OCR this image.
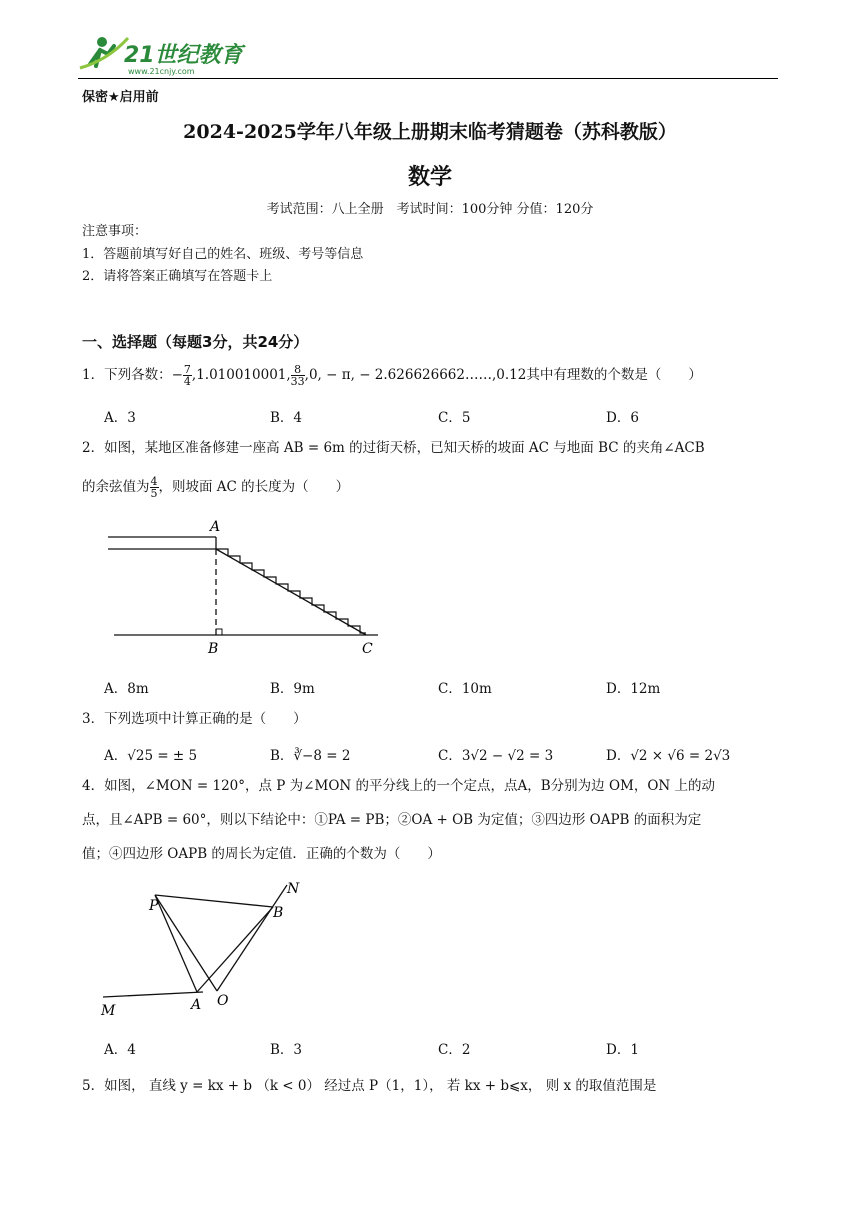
21世纪教育
www.21cnjy.com
保密★启用前
2024-2025学年八年级上册期末临考猜题卷（苏科教版）
数学
考试范围：八上全册　考试时间：100分钟 分值：120分
注意事项：
1．答题前填写好自己的姓名、班级、考号等信息
2．请将答案正确填写在答题卡上
一、选择题（每题3分，共24分）
1．下列各数：− $\frac{7}{4} ,1.010010001$, $\frac{8}{33} ,0$, − π, − 2.626626662……,0.12其中有理数的个数是（　　）
A．3	B．4	C．5	D．6
2．如图，某地区准备修建一座高 AB = 6m 的过街天桥，已知天桥的坡面 AC 与地面 BC 的夹角∠ACB
的余弦值为 $\frac{4}{5}$ ，则坡面 AC 的长度为（　　）
A
B	C
A．8m	B．9m	C．10m	D．12m
3．下列选项中计算正确的是（　　）
A．√25 = ± 5	B．∛−8 = 2	C．3√2 − √2 = 3	D．√2 × √6 = 2√3
4．如图，∠MON = 120°，点 P 为∠MON 的平分线上的一个定点，点A，B分别为边 OM，ON 上的动
点，且∠APB = 60°，则以下结论中：①PA = PB；②OA + OB 为定值；③四边形 OAPB 的面积为定
值；④四边形 OAPB 的周长为定值．正确的个数为（　　）
N
P	B
M	A O
A．4	B．3	C．2	D．1
5．如图， 直线 y = kx + b （k < 0） 经过点 P（1，1）， 若 kx + b⩽x， 则 x 的取值范围是
